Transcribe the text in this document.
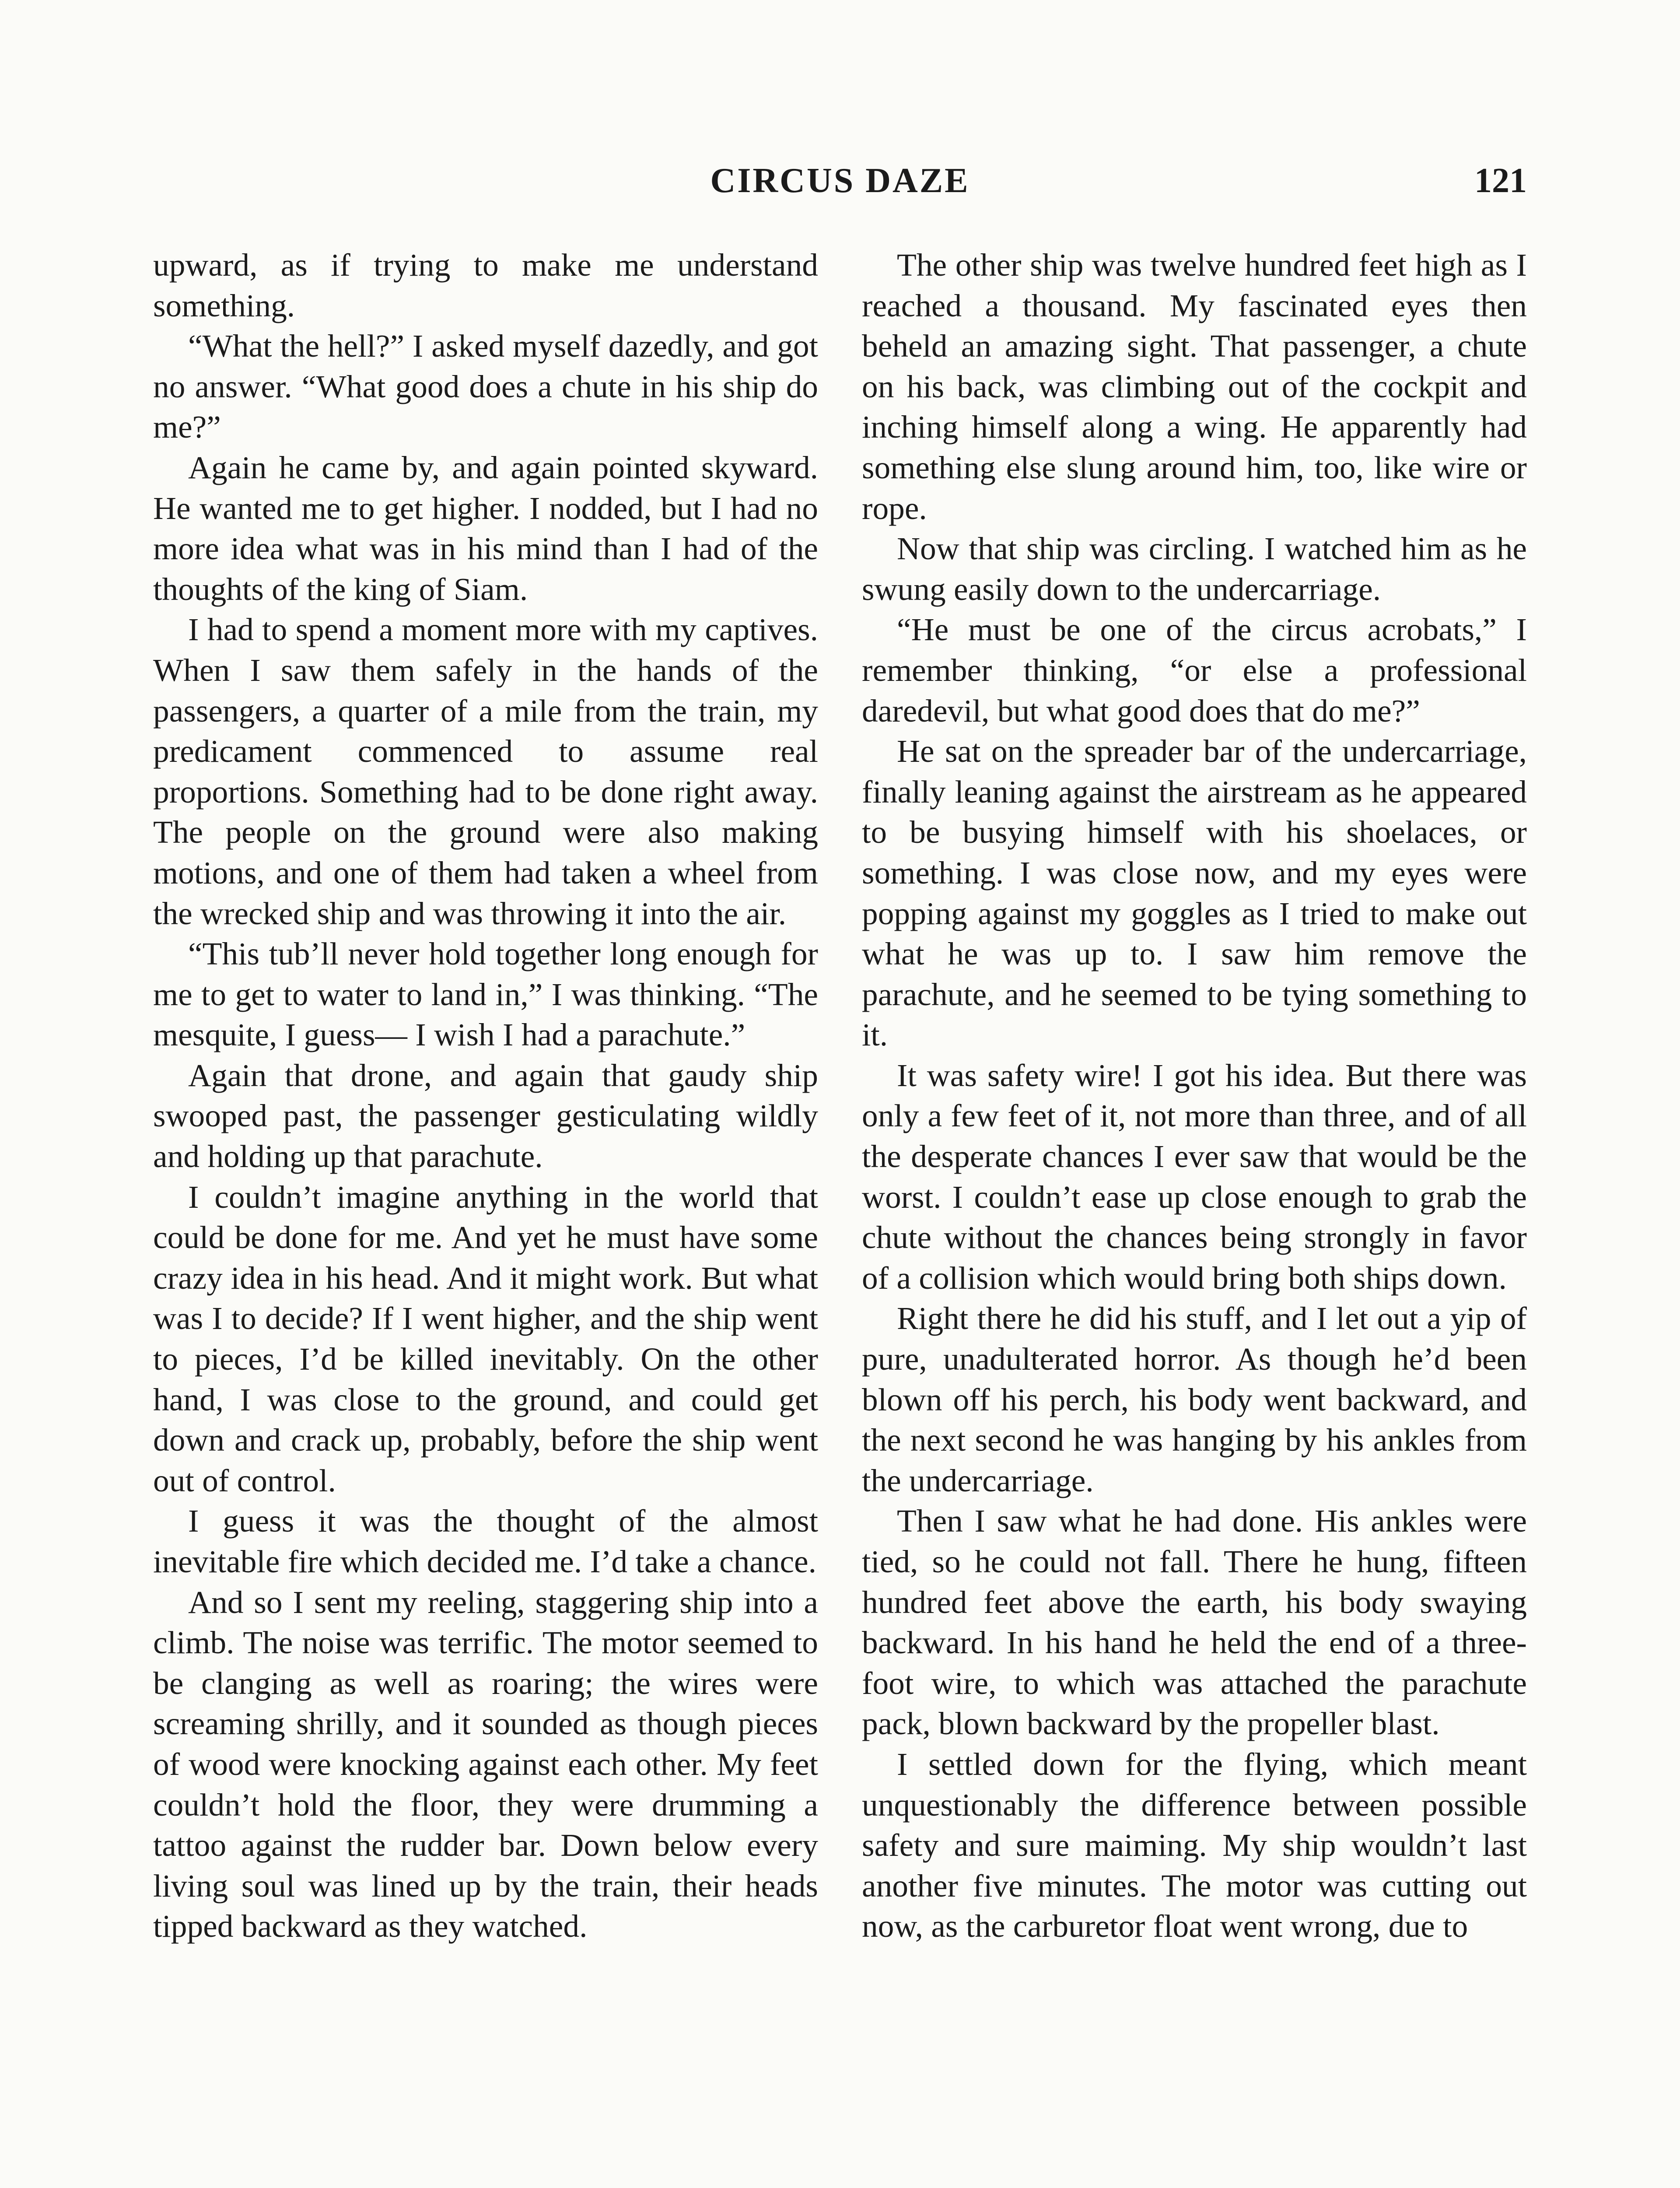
CIRCUS DAZE	121

upward, as if trying to make me understand something.

“What the hell?” I asked myself dazedly, and got no answer. “What good does a chute in his ship do me?”

Again he came by, and again pointed skyward. He wanted me to get higher. I nodded, but I had no more idea what was in his mind than I had of the thoughts of the king of Siam.

I had to spend a moment more with my captives. When I saw them safely in the hands of the passengers, a quarter of a mile from the train, my predicament commenced to assume real proportions. Something had to be done right away. The people on the ground were also making motions, and one of them had taken a wheel from the wrecked ship and was throwing it into the air.

“This tub’ll never hold together long enough for me to get to water to land in,” I was thinking. “The mesquite, I guess— I wish I had a parachute.”

Again that drone, and again that gaudy ship swooped past, the passenger gesticulating wildly and holding up that parachute.

I couldn’t imagine anything in the world that could be done for me. And yet he must have some crazy idea in his head. And it might work. But what was I to decide? If I went higher, and the ship went to pieces, I’d be killed inevitably. On the other hand, I was close to the ground, and could get down and crack up, probably, before the ship went out of control.

I guess it was the thought of the almost inevitable fire which decided me. I’d take a chance.

And so I sent my reeling, staggering ship into a climb. The noise was terrific. The motor seemed to be clanging as well as roaring; the wires were screaming shrilly, and it sounded as though pieces of wood were knocking against each other. My feet couldn’t hold the floor, they were drumming a tattoo against the rudder bar. Down below every living soul was lined up by the train, their heads tipped backward as they watched.

The other ship was twelve hundred feet high as I reached a thousand. My fascinated eyes then beheld an amazing sight. That passenger, a chute on his back, was climbing out of the cockpit and inching himself along a wing. He apparently had something else slung around him, too, like wire or rope.

Now that ship was circling. I watched him as he swung easily down to the undercarriage.

“He must be one of the circus acrobats,” I remember thinking, “or else a professional daredevil, but what good does that do me?”

He sat on the spreader bar of the undercarriage, finally leaning against the airstream as he appeared to be busying himself with his shoelaces, or something. I was close now, and my eyes were popping against my goggles as I tried to make out what he was up to. I saw him remove the parachute, and he seemed to be tying something to it.

It was safety wire! I got his idea. But there was only a few feet of it, not more than three, and of all the desperate chances I ever saw that would be the worst. I couldn’t ease up close enough to grab the chute without the chances being strongly in favor of a collision which would bring both ships down.

Right there he did his stuff, and I let out a yip of pure, unadulterated horror. As though he’d been blown off his perch, his body went backward, and the next second he was hanging by his ankles from the undercarriage.

Then I saw what he had done. His ankles were tied, so he could not fall. There he hung, fifteen hundred feet above the earth, his body swaying backward. In his hand he held the end of a three-foot wire, to which was attached the parachute pack, blown backward by the propeller blast.

I settled down for the flying, which meant unquestionably the difference between possible safety and sure maiming. My ship wouldn’t last another five minutes. The motor was cutting out now, as the carburetor float went wrong, due to
